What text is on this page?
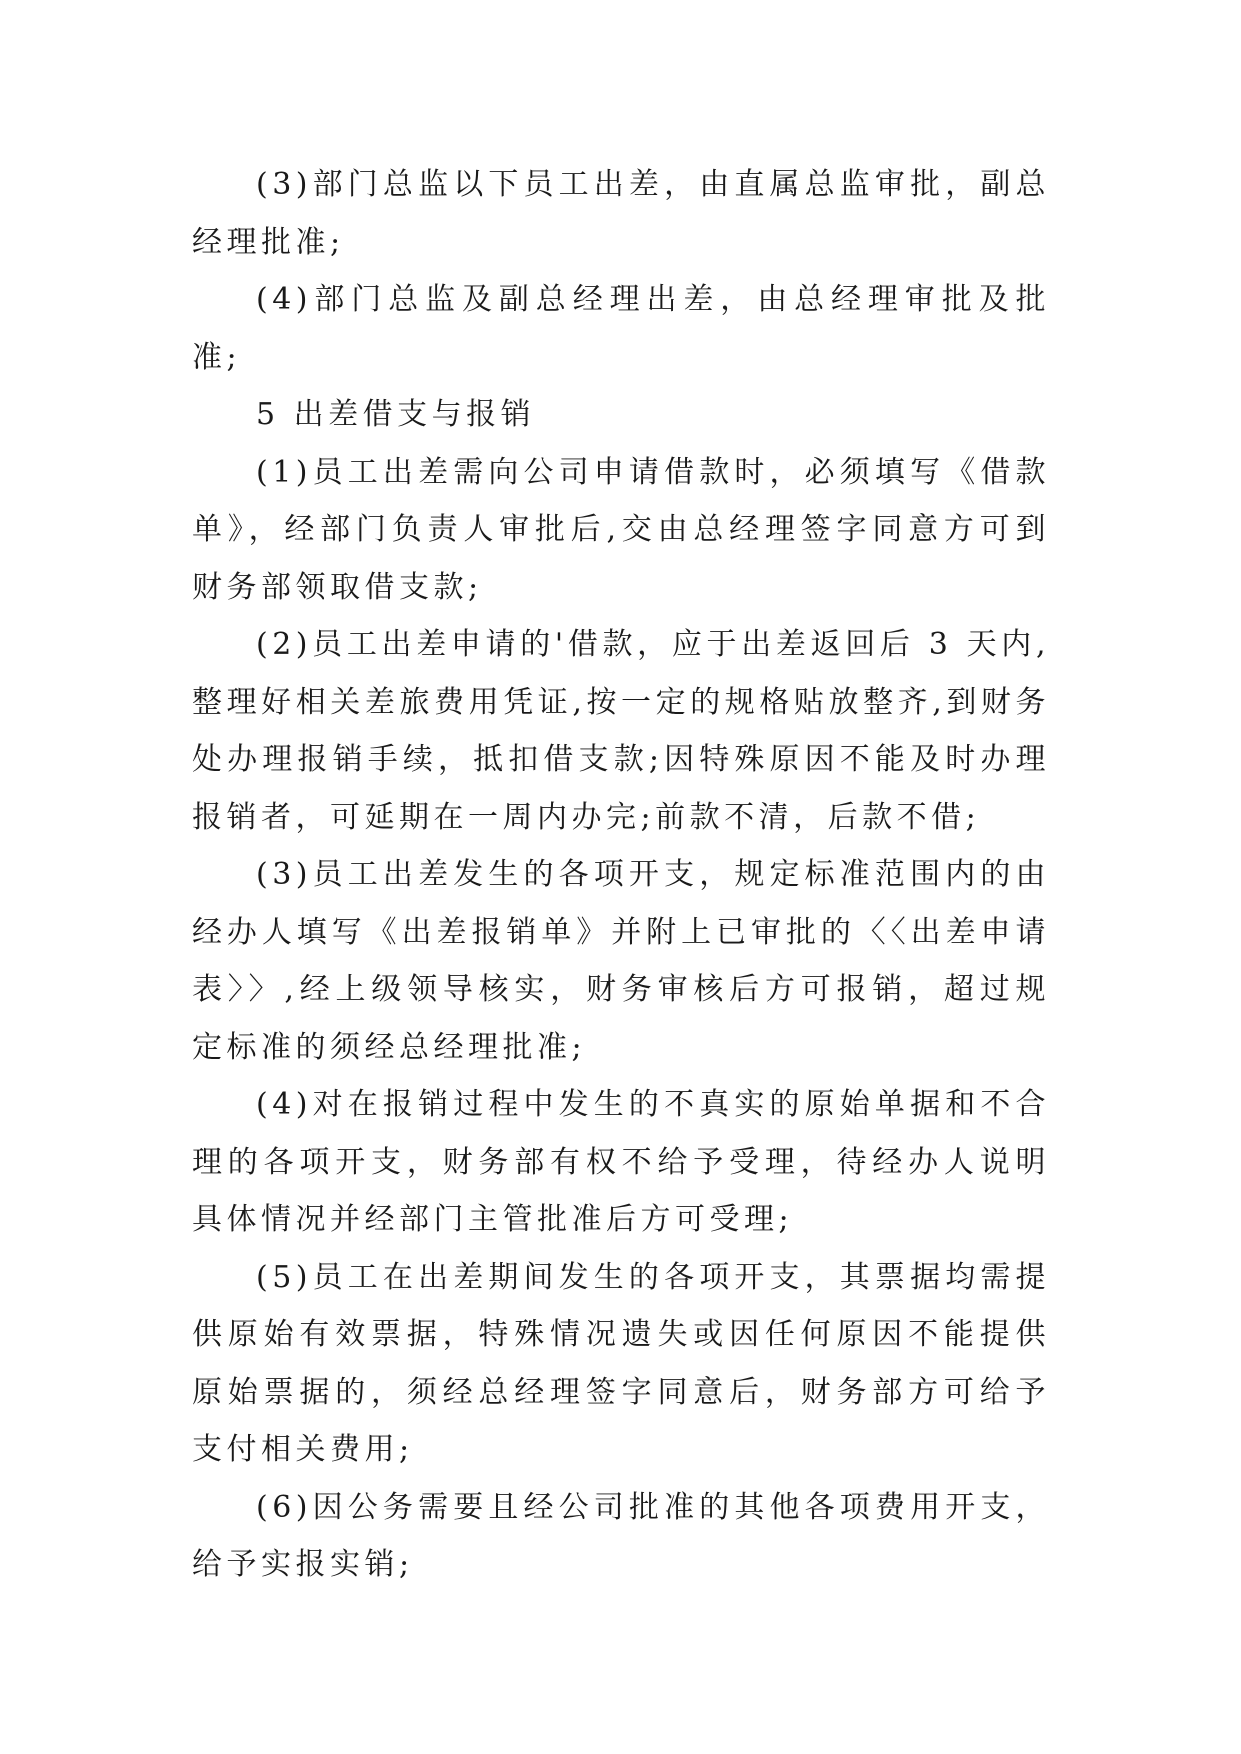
(3)部门总监以下员工出差，由直属总监审批，副总经理批准;

(4)部门总监及副总经理出差，由总经理审批及批准;

5 出差借支与报销

(1)员工出差需向公司申请借款时，必须填写《借款单》，经部门负责人审批后,交由总经理签字同意方可到财务部领取借支款;

(2)员工出差申请的'借款，应于出差返回后 3 天内,整理好相关差旅费用凭证,按一定的规格贴放整齐,到财务处办理报销手续，抵扣借支款;因特殊原因不能及时办理报销者，可延期在一周内办完;前款不清，后款不借;

(3)员工出差发生的各项开支，规定标准范围内的由经办人填写《出差报销单》并附上已审批的〈〈出差申请表〉〉,经上级领导核实，财务审核后方可报销，超过规定标准的须经总经理批准;

(4)对在报销过程中发生的不真实的原始单据和不合理的各项开支，财务部有权不给予受理，待经办人说明具体情况并经部门主管批准后方可受理;

(5)员工在出差期间发生的各项开支，其票据均需提供原始有效票据，特殊情况遗失或因任何原因不能提供原始票据的，须经总经理签字同意后，财务部方可给予支付相关费用;

(6)因公务需要且经公司批准的其他各项费用开支，给予实报实销;
